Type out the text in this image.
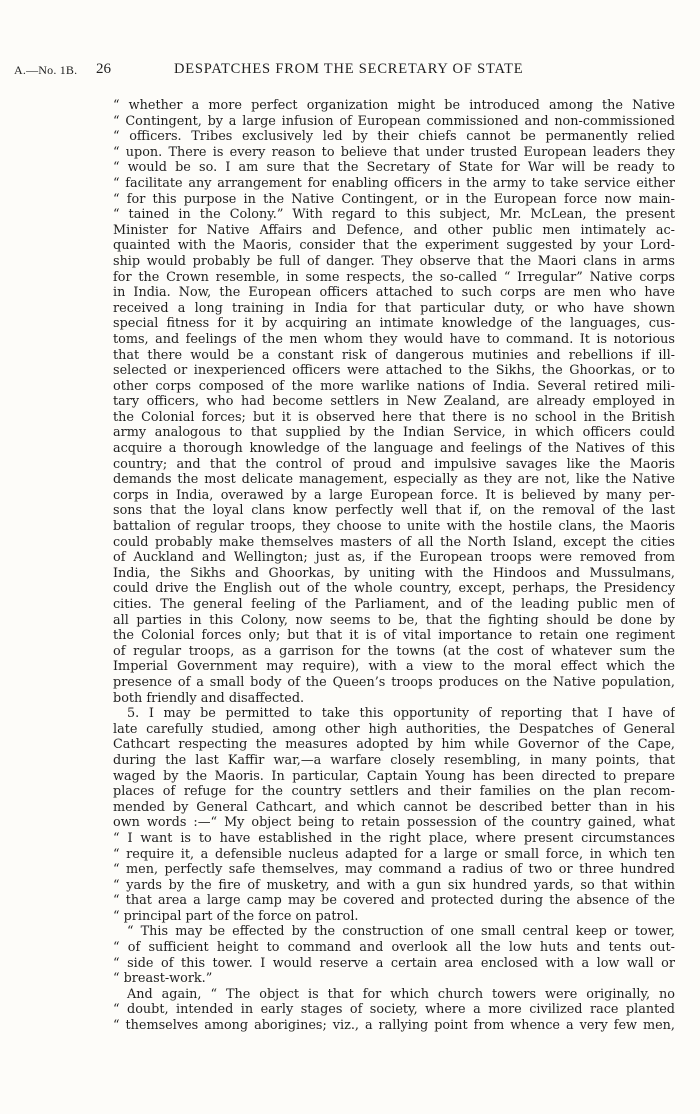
A.—No. 1B. 26	DESPATCHES FROM THE SECRETARY OF STATE
“ whether a more perfect organization might be introduced among the Native
“ Contingent, by a large infusion of European commissioned and non-commissioned
“ officers. Tribes exclusively led by their chiefs cannot be permanently relied
“ upon. There is every reason to believe that under trusted European leaders they
“ would be so. I am sure that the Secretary of State for War will be ready to
“ facilitate any arrangement for enabling officers in the army to take service either
“ for this purpose in the Native Contingent, or in the European force now main-
“ tained in the Colony.” With regard to this subject, Mr. McLean, the present
Minister for Native Affairs and Defence, and other public men intimately ac-
quainted with the Maoris, consider that the experiment suggested by your Lord-
ship would probably be full of danger. They observe that the Maori clans in arms
for the Crown resemble, in some respects, the so-called “ Irregular” Native corps
in India. Now, the European officers attached to such corps are men who have
received a long training in India for that particular duty, or who have shown
special fitness for it by acquiring an intimate knowledge of the languages, cus-
toms, and feelings of the men whom they would have to command. It is notorious
that there would be a constant risk of dangerous mutinies and rebellions if ill-
selected or inexperienced officers were attached to the Sikhs, the Ghoorkas, or to
other corps composed of the more warlike nations of India. Several retired mili-
tary officers, who had become settlers in New Zealand, are already employed in
the Colonial forces; but it is observed here that there is no school in the British
army analogous to that supplied by the Indian Service, in which officers could
acquire a thorough knowledge of the language and feelings of the Natives of this
country; and that the control of proud and impulsive savages like the Maoris
demands the most delicate management, especially as they are not, like the Native
corps in India, overawed by a large European force. It is believed by many per-
sons that the loyal clans know perfectly well that if, on the removal of the last
battalion of regular troops, they choose to unite with the hostile clans, the Maoris
could probably make themselves masters of all the North Island, except the cities
of Auckland and Wellington; just as, if the European troops were removed from
India, the Sikhs and Ghoorkas, by uniting with the Hindoos and Mussulmans,
could drive the English out of the whole country, except, perhaps, the Presidency
cities. The general feeling of the Parliament, and of the leading public men of
all parties in this Colony, now seems to be, that the fighting should be done by
the Colonial forces only; but that it is of vital importance to retain one regiment
of regular troops, as a garrison for the towns (at the cost of whatever sum the
Imperial Government may require), with a view to the moral effect which the
presence of a small body of the Queen’s troops produces on the Native population,
both friendly and disaffected.
5. I may be permitted to take this opportunity of reporting that I have of
late carefully studied, among other high authorities, the Despatches of General
Cathcart respecting the measures adopted by him while Governor of the Cape,
during the last Kaffir war,—a warfare closely resembling, in many points, that
waged by the Maoris. In particular, Captain Young has been directed to prepare
places of refuge for the country settlers and their families on the plan recom-
mended by General Cathcart, and which cannot be described better than in his
own words :—“ My object being to retain possession of the country gained, what
“ I want is to have established in the right place, where present circumstances
“ require it, a defensible nucleus adapted for a large or small force, in which ten
“ men, perfectly safe themselves, may command a radius of two or three hundred
“ yards by the fire of musketry, and with a gun six hundred yards, so that within
“ that area a large camp may be covered and protected during the absence of the
“ principal part of the force on patrol.
“ This may be effected by the construction of one small central keep or tower,
“ of sufficient height to command and overlook all the low huts and tents out-
“ side of this tower. I would reserve a certain area enclosed with a low wall or
“ breast-work.”
And again, “ The object is that for which church towers were originally, no
“ doubt, intended in early stages of society, where a more civilized race planted
“ themselves among aborigines; viz., a rallying point from whence a very few men,
